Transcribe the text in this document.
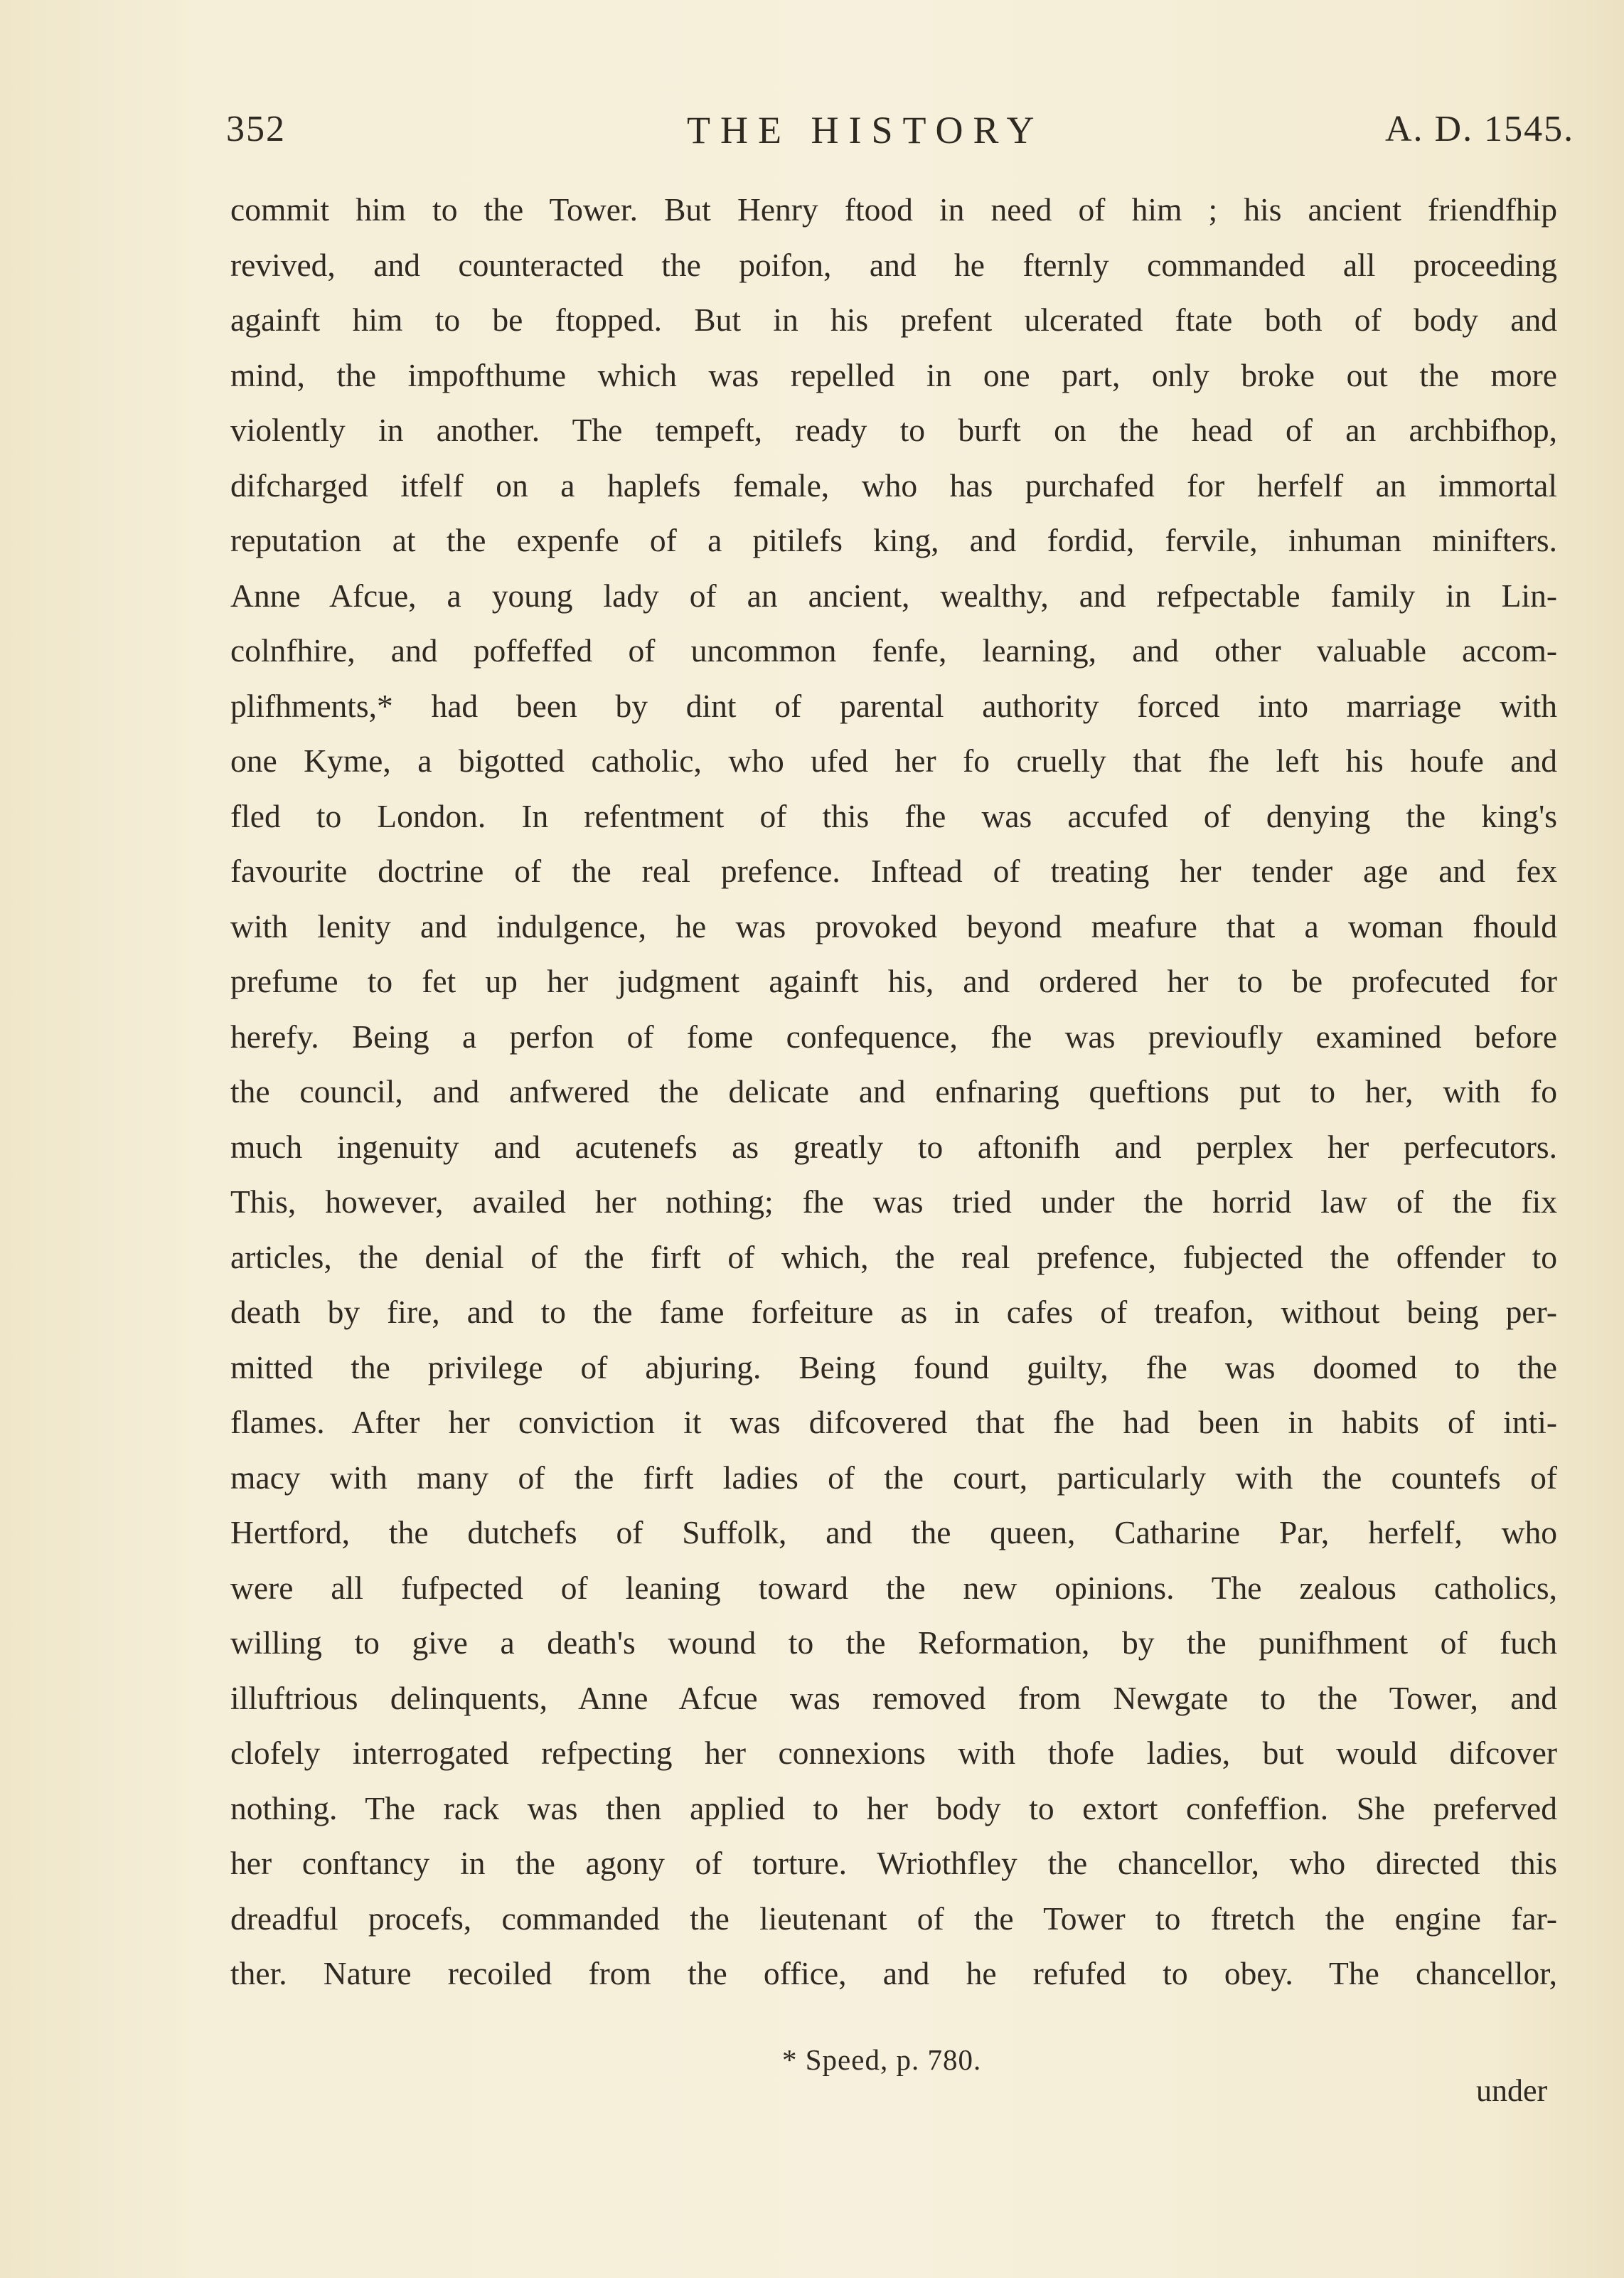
352	THE HISTORY	A. D. 1545.
commit him to the Tower. But Henry ftood in need of him ; his ancient friendfhip
revived, and counteracted the poifon, and he fternly commanded all proceeding
againft him to be ftopped. But in his prefent ulcerated ftate both of body and
mind, the impofthume which was repelled in one part, only broke out the more
violently in another. The tempeft, ready to burft on the head of an archbifhop,
difcharged itfelf on a haplefs female, who has purchafed for herfelf an immortal
reputation at the expenfe of a pitilefs king, and fordid, fervile, inhuman minifters.
Anne Afcue, a young lady of an ancient, wealthy, and refpectable family in Lin-
colnfhire, and poffeffed of uncommon fenfe, learning, and other valuable accom-
plifhments,* had been by dint of parental authority forced into marriage with
one Kyme, a bigotted catholic, who ufed her fo cruelly that fhe left his houfe and
fled to London. In refentment of this fhe was accufed of denying the king's
favourite doctrine of the real prefence. Inftead of treating her tender age and fex
with lenity and indulgence, he was provoked beyond meafure that a woman fhould
prefume to fet up her judgment againft his, and ordered her to be profecuted for
herefy. Being a perfon of fome confequence, fhe was previoufly examined before
the council, and anfwered the delicate and enfnaring queftions put to her, with fo
much ingenuity and acutenefs as greatly to aftonifh and perplex her perfecutors.
This, however, availed her nothing; fhe was tried under the horrid law of the fix
articles, the denial of the firft of which, the real prefence, fubjected the offender to
death by fire, and to the fame forfeiture as in cafes of treafon, without being per-
mitted the privilege of abjuring. Being found guilty, fhe was doomed to the
flames. After her conviction it was difcovered that fhe had been in habits of inti-
macy with many of the firft ladies of the court, particularly with the countefs of
Hertford, the dutchefs of Suffolk, and the queen, Catharine Par, herfelf, who
were all fufpected of leaning toward the new opinions. The zealous catholics,
willing to give a death's wound to the Reformation, by the punifhment of fuch
illuftrious delinquents, Anne Afcue was removed from Newgate to the Tower, and
clofely interrogated refpecting her connexions with thofe ladies, but would difcover
nothing. The rack was then applied to her body to extort confeffion. She preferved
her conftancy in the agony of torture. Wriothfley the chancellor, who directed this
dreadful procefs, commanded the lieutenant of the Tower to ftretch the engine far-
ther. Nature recoiled from the office, and he refufed to obey. The chancellor,
* Speed, p. 780.
under
